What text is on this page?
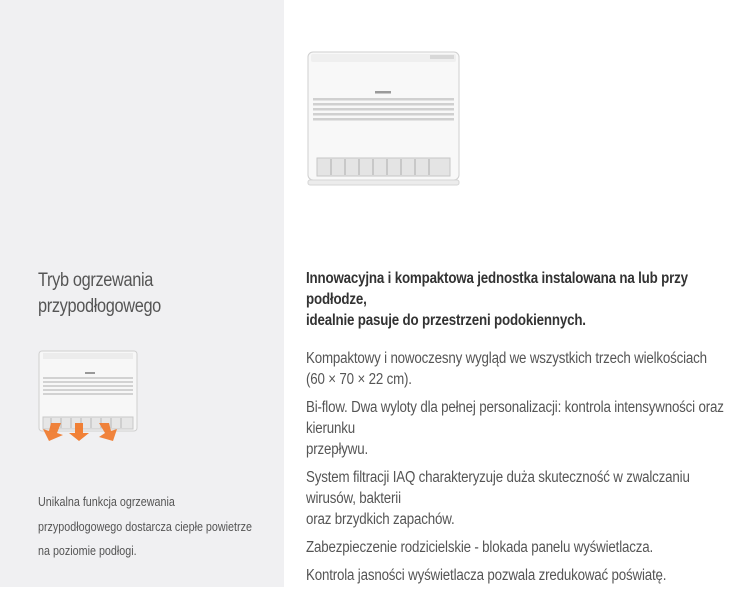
Tryb ogrzewania
przypodłogowego

Unikalna funkcja ogrzewania
przypodłogowego dostarcza ciepłe powietrze
na poziomie podłogi.

Innowacyjna i kompaktowa jednostka instalowana na lub przy podłodze,
idealnie pasuje do przestrzeni podokiennych.

Kompaktowy i nowoczesny wygląd we wszystkich trzech wielkościach
(60 × 70 × 22 cm).
Bi-flow. Dwa wyloty dla pełnej personalizacji: kontrola intensywności oraz kierunku
przepływu.
System filtracji IAQ charakteryzuje duża skuteczność w zwalczaniu wirusów, bakterii
oraz brzydkich zapachów.
Zabezpieczenie rodzicielskie - blokada panelu wyświetlacza.
Kontrola jasności wyświetlacza pozwala zredukować poświatę.
